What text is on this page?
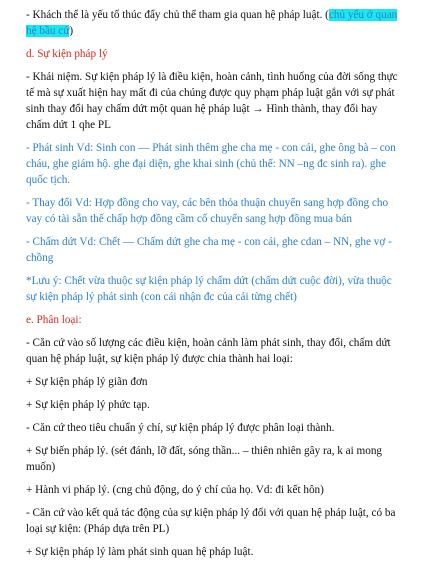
- Khách thể là yếu tố thúc đẩy chủ thể tham gia quan hệ pháp luật. (chủ yếu ở quan hệ bầu cử)

d. Sự kiện pháp lý

- Khái niệm. Sự kiện pháp lý là điều kiện, hoàn cảnh, tình huống của đời sống thực tế mà sự xuất hiện hay mất đi của chúng được quy phạm pháp luật gắn với sự phát sinh thay đổi hay chấm dứt một quan hệ pháp luật → Hình thành, thay đổi hay chấm dứt 1 qhe PL

- Phát sinh Vd: Sinh con — Phát sinh thêm ghe cha mẹ - con cái, ghe ông bà – con cháu, ghe giám hộ. ghe đại diện, ghe khai sinh (chủ thể: NN –ng đc sinh ra). ghe quốc tịch.

- Thay đổi Vd: Hợp đồng cho vay, các bên thỏa thuận chuyển sang hợp đồng cho vay có tài sẵn thế chấp hợp đồng cầm cố chuyển sang hợp đồng mua bán

- Chấm dứt Vd: Chết — Chấm dứt ghe cha mẹ - con cái, ghe cdan – NN, ghe vợ - chồng

*Lưu ý: Chết vừa thuộc sự kiện pháp lý chấm dứt (chấm dứt cuộc đời), vừa thuộc sự kiện pháp lý phát sinh (con cái nhận đc của cải từng chết)

e. Phân loại:

- Căn cứ vào số lượng các điều kiện, hoàn cảnh làm phát sinh, thay đổi, chấm dứt quan hệ pháp luật, sự kiện pháp lý được chia thành hai loại:

+ Sự kiện pháp lý giãn đơn

+ Sự kiện pháp lý phức tạp.

- Căn cứ theo tiêu chuẩn ý chí, sự kiện pháp lý được phân loại thành.

+ Sự biến pháp lý. (sét đánh, lỡ đất, sóng thần... – thiên nhiên gây ra, k ai mong muốn)

+ Hành vi pháp lý. (cng chủ động, do ý chí của họ. Vd: đi kết hôn)

- Căn cứ vào kết quả tác động của sự kiện pháp lý đối với quan hệ pháp luật, có ba loại sự kiện: (Pháp dựa trên PL)

+ Sự kiện pháp lý làm phát sinh quan hệ pháp luật.
